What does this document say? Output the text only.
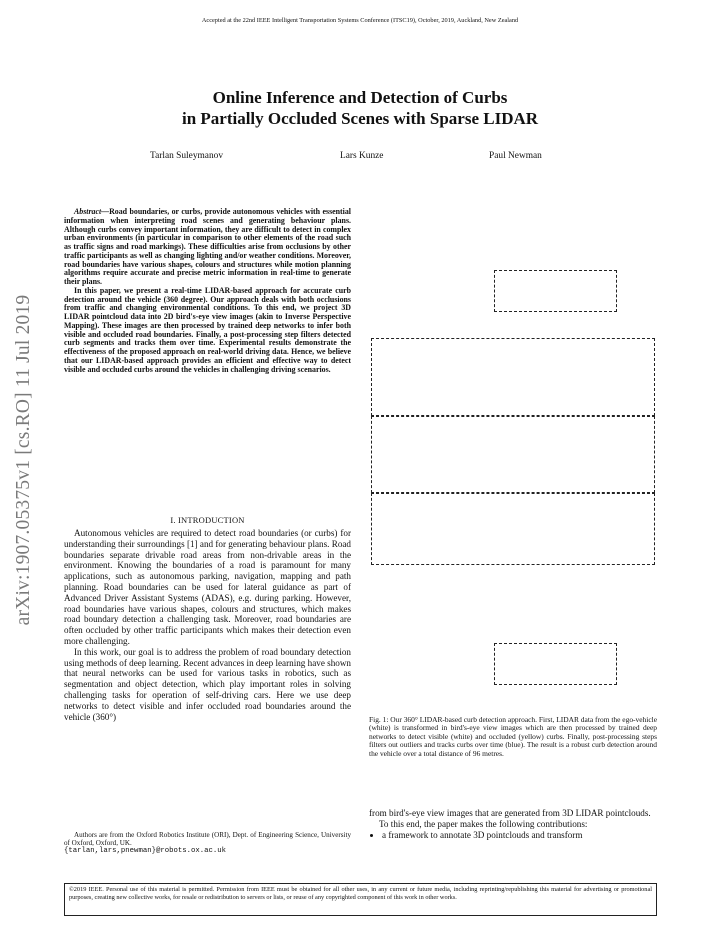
Accepted at the 22nd IEEE Intelligent Transportation Systems Conference (ITSC19), October, 2019, Auckland, New Zealand
Online Inference and Detection of Curbs
in Partially Occluded Scenes with Sparse LIDAR
Tarlan Suleymanov	Lars Kunze	Paul Newman
arXiv:1907.05375v1 [cs.RO] 11 Jul 2019

Abstract—Road boundaries, or curbs, provide autonomous vehicles with essential information when interpreting road scenes and generating behaviour plans. Although curbs convey important information, they are difficult to detect in complex urban environments (in particular in comparison to other elements of the road such as traffic signs and road markings). These difficulties arise from occlusions by other traffic participants as well as changing lighting and/or weather conditions. Moreover, road boundaries have various shapes, colours and structures while motion planning algorithms require accurate and precise metric information in real-time to generate their plans.

In this paper, we present a real-time LIDAR-based approach for accurate curb detection around the vehicle (360 degree). Our approach deals with both occlusions from traffic and changing environmental conditions. To this end, we project 3D LIDAR pointcloud data into 2D bird's-eye view images (akin to Inverse Perspective Mapping). These images are then processed by trained deep networks to infer both visible and occluded road boundaries. Finally, a post-processing step filters detected curb segments and tracks them over time. Experimental results demonstrate the effectiveness of the proposed approach on real-world driving data. Hence, we believe that our LIDAR-based approach provides an efficient and effective way to detect visible and occluded curbs around the vehicles in challenging driving scenarios.

I. INTRODUCTION

Autonomous vehicles are required to detect road boundaries (or curbs) for understanding their surroundings [1] and for generating behaviour plans. Road boundaries separate drivable road areas from non-drivable areas in the environment. Knowing the boundaries of a road is paramount for many applications, such as autonomous parking, navigation, mapping and path planning. Road boundaries can be used for lateral guidance as part of Advanced Driver Assistant Systems (ADAS), e.g. during parking. However, road boundaries have various shapes, colours and structures, which makes road boundary detection a challenging task. Moreover, road boundaries are often occluded by other traffic participants which makes their detection even more challenging.

In this work, our goal is to address the problem of road boundary detection using methods of deep learning. Recent advances in deep learning have shown that neural networks can be used for various tasks in robotics, such as segmentation and object detection, which play important roles in solving challenging tasks for operation of self-driving cars. Here we use deep networks to detect visible and infer occluded road boundaries around the vehicle (360°)

Authors are from the Oxford Robotics Institute (ORI), Dept. of Engineering Science, University of Oxford, Oxford, UK.

{tarlan,lars,pnewman}@robots.ox.ac.uk

Fig. 1: Our 360° LIDAR-based curb detection approach. First, LIDAR data from the ego-vehicle (white) is transformed in bird's-eye view images which are then processed by trained deep networks to detect visible (white) and occluded (yellow) curbs. Finally, post-processing steps filters out outliers and tracks curbs over time (blue). The result is a robust curb detection around the vehicle over a total distance of 96 metres.

from bird's-eye view images that are generated from 3D LIDAR pointclouds.

To this end, the paper makes the following contributions:

• a framework to annotate 3D pointclouds and transform
©2019 IEEE. Personal use of this material is permitted. Permission from IEEE must be obtained for all other uses, in any current or future media, including reprinting/republishing this material for advertising or promotional purposes, creating new collective works, for resale or redistribution to servers or lists, or reuse of any copyrighted component of this work in other works.
